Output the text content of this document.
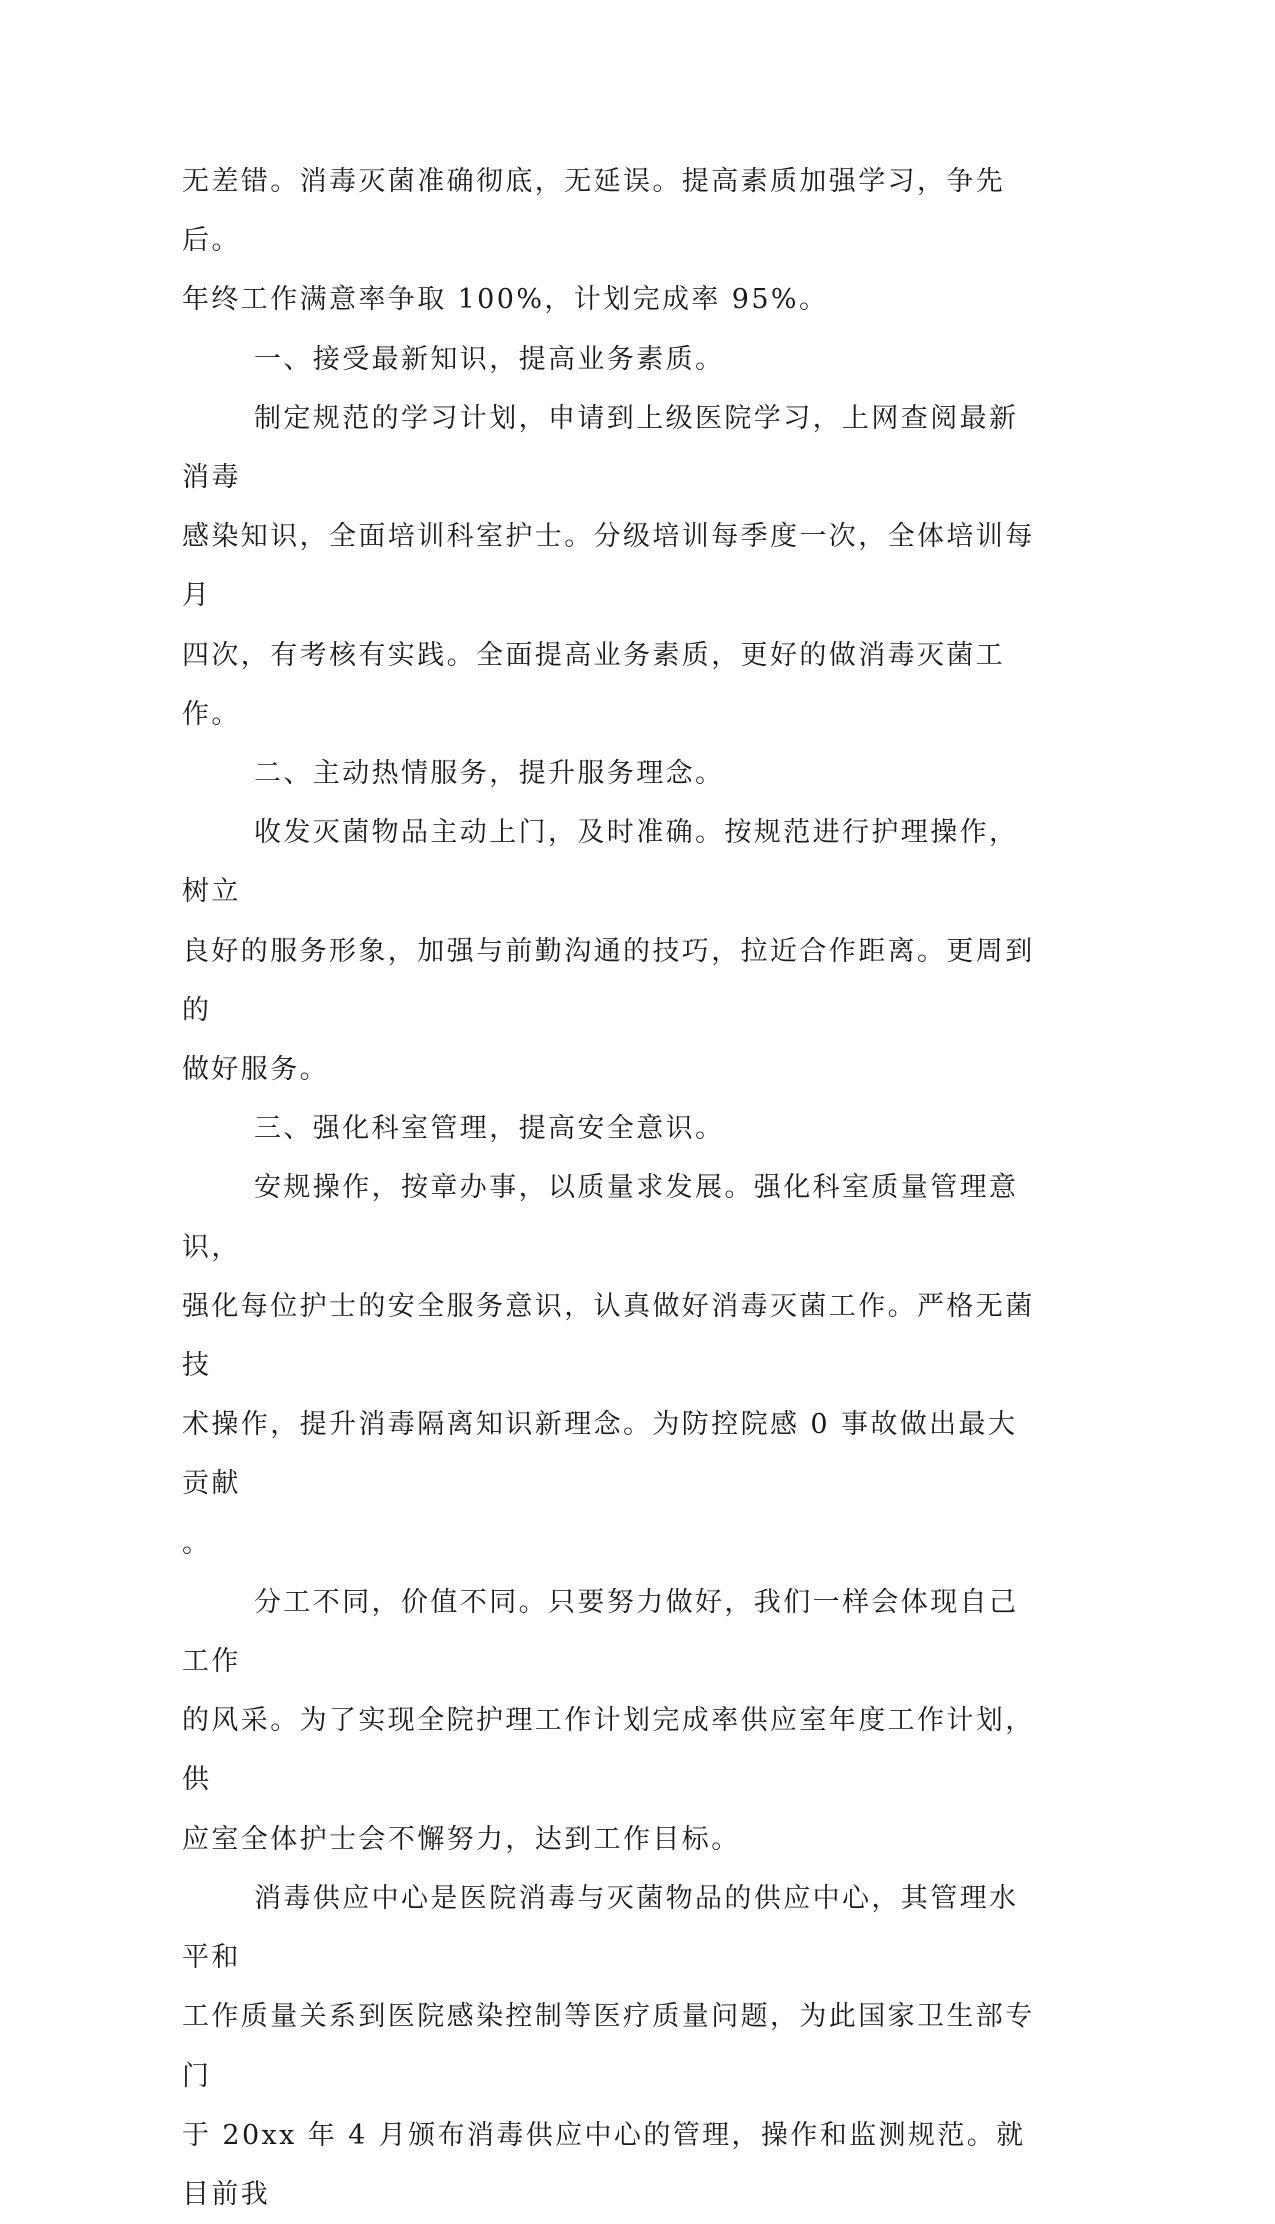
无差错。消毒灭菌准确彻底，无延误。提高素质加强学习，争先后。
年终工作满意率争取 100%，计划完成率 95%。

一、接受最新知识，提高业务素质。

制定规范的学习计划，申请到上级医院学习，上网查阅最新消毒
感染知识，全面培训科室护士。分级培训每季度一次，全体培训每月
四次，有考核有实践。全面提高业务素质，更好的做消毒灭菌工作。

二、主动热情服务，提升服务理念。

收发灭菌物品主动上门，及时准确。按规范进行护理操作，树立
良好的服务形象，加强与前勤沟通的技巧，拉近合作距离。更周到的
做好服务。

三、强化科室管理，提高安全意识。

安规操作，按章办事，以质量求发展。强化科室质量管理意识，
强化每位护士的安全服务意识，认真做好消毒灭菌工作。严格无菌技
术操作，提升消毒隔离知识新理念。为防控院感 0 事故做出最大贡献
。

分工不同，价值不同。只要努力做好，我们一样会体现自己工作
的风采。为了实现全院护理工作计划完成率供应室年度工作计划，供
应室全体护士会不懈努力，达到工作目标。

消毒供应中心是医院消毒与灭菌物品的供应中心，其管理水平和
工作质量关系到医院感染控制等医疗质量问题，为此国家卫生部专门
于 20xx 年 4 月颁布消毒供应中心的管理，操作和监测规范。就目前我
